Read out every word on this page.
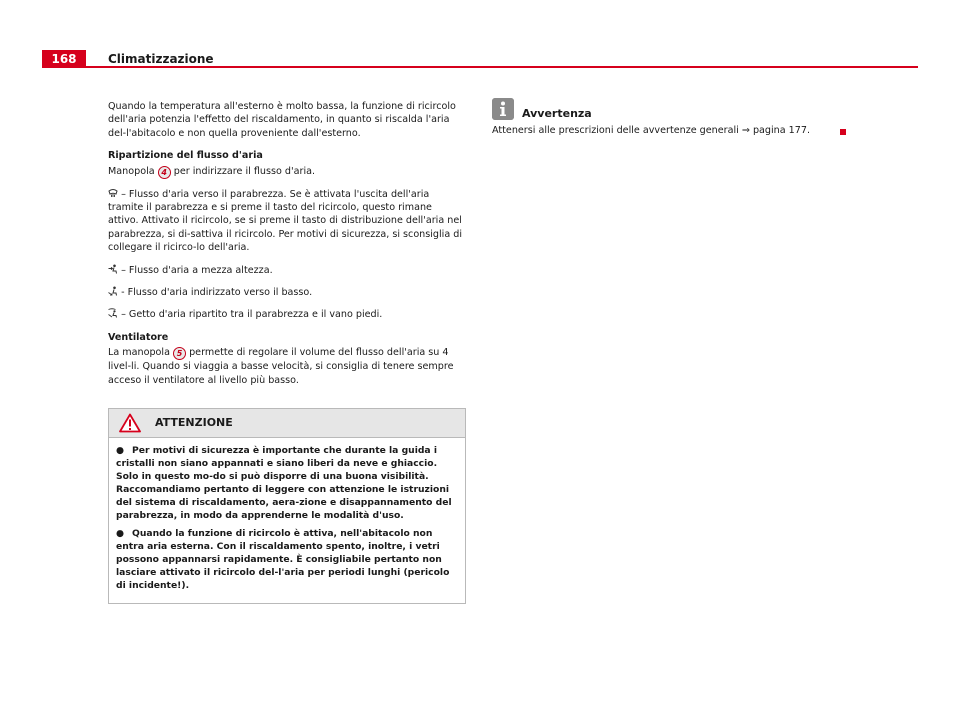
168	Climatizzazione

Quando la temperatura all'esterno è molto bassa, la funzione di ricircolo dell'aria potenzia l'effetto del riscaldamento, in quanto si riscalda l'aria del-l'abitacolo e non quella proveniente dall'esterno.

Ripartizione del flusso d'aria

Manopola 4 per indirizzare il flusso d'aria.

– Flusso d'aria verso il parabrezza. Se è attivata l'uscita dell'aria tramite il parabrezza e si preme il tasto del ricircolo, questo rimane attivo. Attivato il ricircolo, se si preme il tasto di distribuzione dell'aria nel parabrezza, si di-sattiva il ricircolo. Per motivi di sicurezza, si sconsiglia di collegare il ricirco-lo dell'aria.

– Flusso d'aria a mezza altezza.

- Flusso d'aria indirizzato verso il basso.

– Getto d'aria ripartito tra il parabrezza e il vano piedi.

Ventilatore

La manopola 5 permette di regolare il volume del flusso dell'aria su 4 livel-li. Quando si viaggia a basse velocità, si consiglia di tenere sempre acceso il ventilatore al livello più basso.

ATTENZIONE

● Per motivi di sicurezza è importante che durante la guida i cristalli non siano appannati e siano liberi da neve e ghiaccio. Solo in questo mo-do si può disporre di una buona visibilità. Raccomandiamo pertanto di leggere con attenzione le istruzioni del sistema di riscaldamento, aera-zione e disappannamento del parabrezza, in modo da apprenderne le modalità d'uso.

● Quando la funzione di ricircolo è attiva, nell'abitacolo non entra aria esterna. Con il riscaldamento spento, inoltre, i vetri possono appannarsi rapidamente. È consigliabile pertanto non lasciare attivato il ricircolo del-l'aria per periodi lunghi (pericolo di incidente!).

Avvertenza

Attenersi alle prescrizioni delle avvertenze generali ⇒ pagina 177.
